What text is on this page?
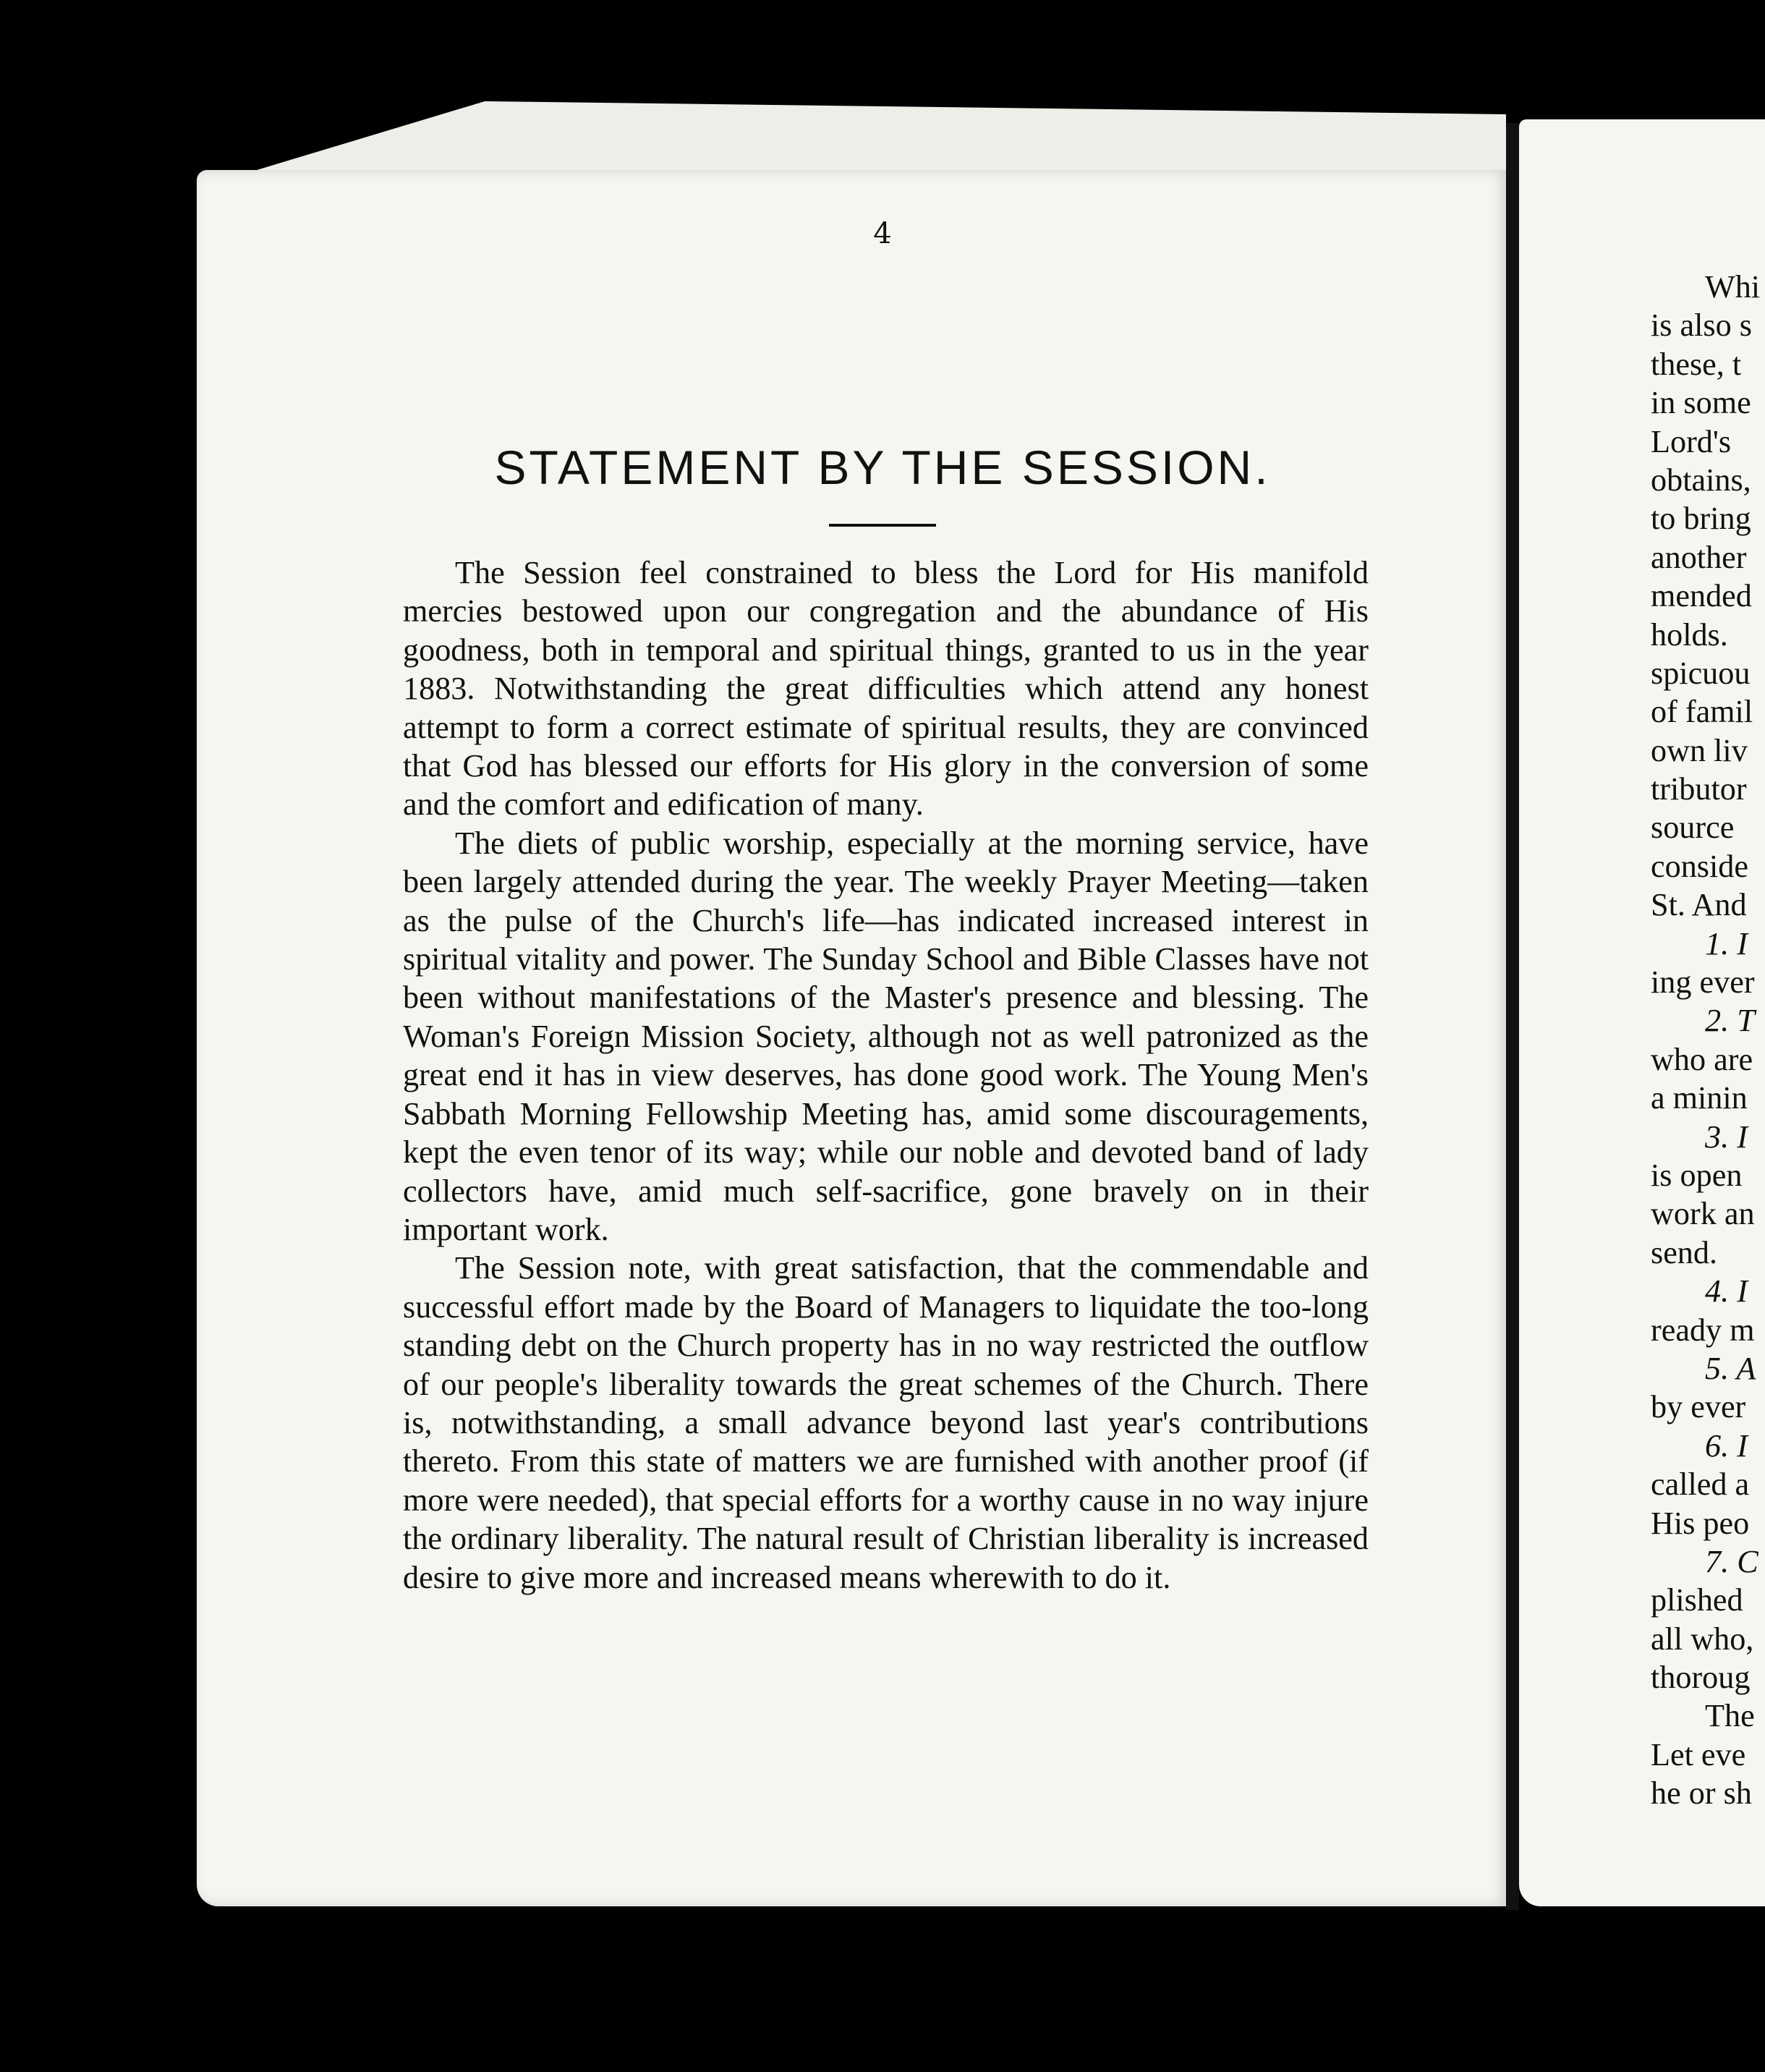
4
STATEMENT BY THE SESSION.

The Session feel constrained to bless the Lord for His manifold mercies bestowed upon our congregation and the abundance of His goodness, both in temporal and spiritual things, granted to us in the year 1883. Notwithstanding the great difficulties which attend any honest attempt to form a correct estimate of spiritual results, they are convinced that God has blessed our efforts for His glory in the conversion of some and the comfort and edification of many.

The diets of public worship, especially at the morning service, have been largely attended during the year. The weekly Prayer Meeting—taken as the pulse of the Church's life—has indicated increased interest in spiritual vitality and power. The Sunday School and Bible Classes have not been without manifestations of the Master's presence and blessing. The Woman's Foreign Mission Society, although not as well patronized as the great end it has in view deserves, has done good work. The Young Men's Sabbath Morning Fellowship Meeting has, amid some discouragements, kept the even tenor of its way; while our noble and devoted band of lady collectors have, amid much self-sacrifice, gone bravely on in their important work.

The Session note, with great satisfaction, that the commendable and successful effort made by the Board of Managers to liquidate the too-long standing debt on the Church property has in no way restricted the outflow of our people's liberality towards the great schemes of the Church. There is, notwithstanding, a small advance beyond last year's contributions thereto. From this state of matters we are furnished with another proof (if more were needed), that special efforts for a worthy cause in no way injure the ordinary liberality. The natural result of Christian liberality is increased desire to give more and increased means wherewith to do it.

Whi
is also s
these, t
in some
Lord's
obtains,
to bring
another
mended
holds.
spicuou
of famil
own liv
tributor
source
conside
St. And
1. I
ing ever
2. T
who are
a minin
3. I
is open
work an
send.
4. I
ready m
5. A
by ever
6. I
called a
His peo
7. C
plished
all who,
thoroug
The
Let eve
he or sh
